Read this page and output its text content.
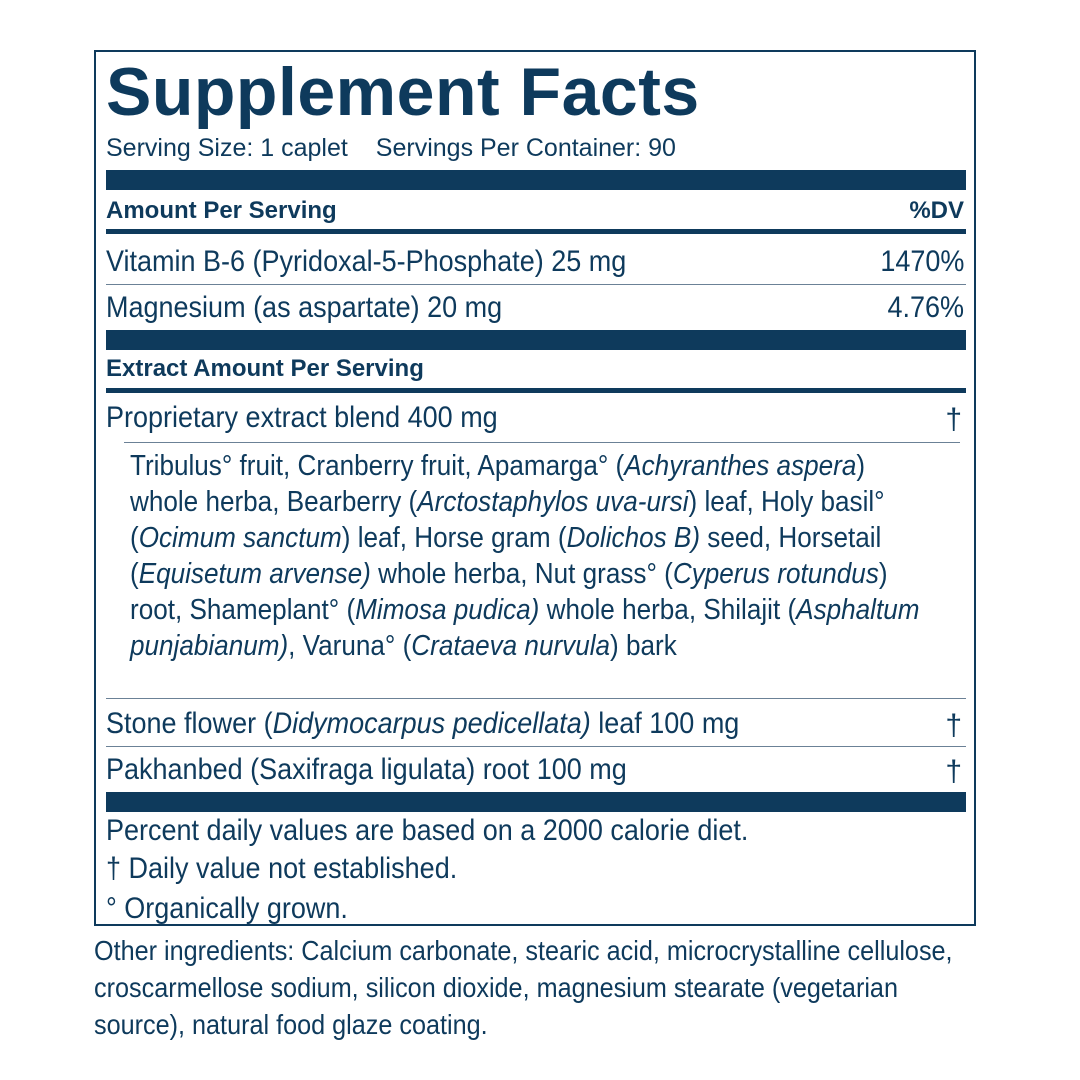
Supplement Facts
Serving Size: 1 caplet Servings Per Container: 90
Amount Per Serving	%DV
Vitamin B-6 (Pyridoxal-5-Phosphate) 25 mg	1470%
Magnesium (as aspartate) 20 mg	4.76%
Extract Amount Per Serving
Proprietary extract blend 400 mg	†
Tribulus° fruit, Cranberry fruit, Apamarga° (Achyranthes aspera) whole herba, Bearberry (Arctostaphylos uva-ursi) leaf, Holy basil° (Ocimum sanctum) leaf, Horse gram (Dolichos B) seed, Horsetail (Equisetum arvense) whole herba, Nut grass° (Cyperus rotundus) root, Shameplant° (Mimosa pudica) whole herba, Shilajit (Asphaltum punjabianum), Varuna° (Crataeva nurvula) bark
Stone flower (Didymocarpus pedicellata) leaf 100 mg	†
Pakhanbed (Saxifraga ligulata) root 100 mg	†
Percent daily values are based on a 2000 calorie diet.
† Daily value not established.
° Organically grown.
Other ingredients: Calcium carbonate, stearic acid, microcrystalline cellulose, croscarmellose sodium, silicon dioxide, magnesium stearate (vegetarian source), natural food glaze coating.
